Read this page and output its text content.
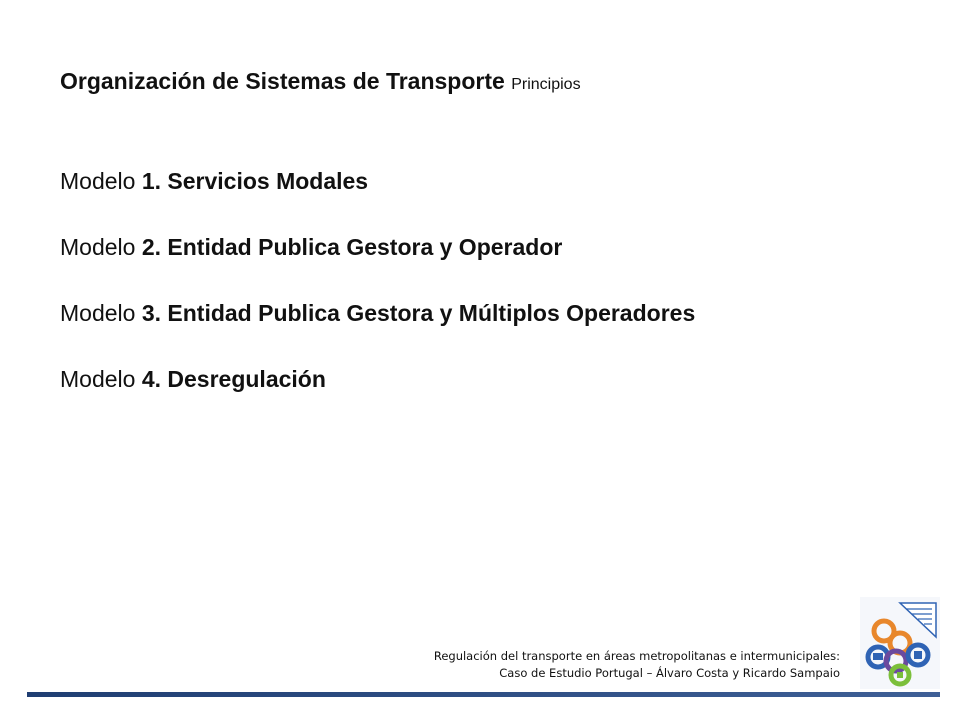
Organización de Sistemas de Transporte Principios
Modelo 1. Servicios Modales
Modelo 2. Entidad Publica Gestora y Operador
Modelo 3. Entidad Publica Gestora y Múltiplos Operadores
Modelo 4. Desregulación
Regulación del transporte en áreas metropolitanas e intermunicipales:
Caso de Estudio Portugal – Álvaro Costa y Ricardo Sampaio
